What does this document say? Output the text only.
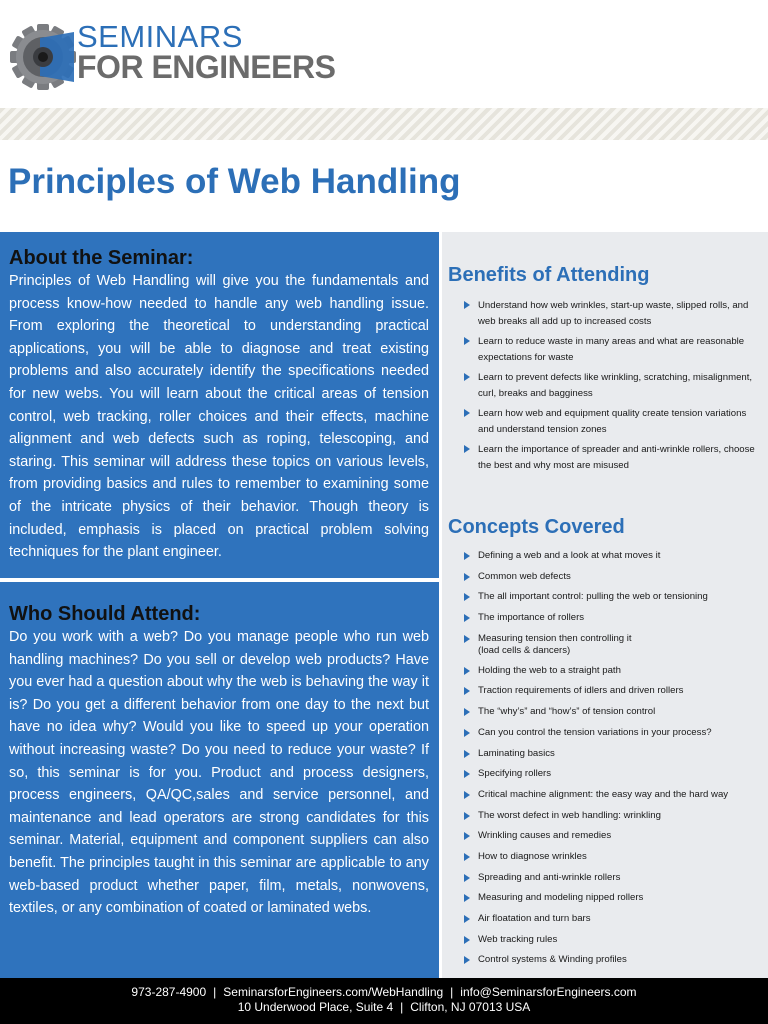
SEMINARS
FOR ENGINEERS
Principles of Web Handling
About the Seminar:

Principles of Web Handling will give you the fundamentals and process know-how needed to handle any web handling issue. From exploring the theoretical to understanding practical applications, you will be able to diagnose and treat existing problems and also accurately identify the specifications needed for new webs. You will learn about the critical areas of tension control, web tracking, roller choices and their effects, machine alignment and web defects such as roping, telescoping, and staring. This seminar will address these topics on various levels, from providing basics and rules to remember to examining some of the intricate physics of their behavior. Though theory is included, emphasis is placed on practical problem solving techniques for the plant engineer.

Who Should Attend:

Do you work with a web? Do you manage people who run web handling machines? Do you sell or develop web products? Have you ever had a question about why the web is behaving the way it is? Do you get a different behavior from one day to the next but have no idea why? Would you like to speed up your operation without increasing waste? Do you need to reduce your waste? If so, this seminar is for you. Product and process designers, process engineers, QA/QC,sales and service personnel, and maintenance and lead operators are strong candidates for this seminar. Material, equipment and component suppliers can also benefit. The principles taught in this seminar are applicable to any web-based product whether paper, film, metals, nonwovens, textiles, or any combination of coated or laminated webs.

Benefits of Attending
Understand how web wrinkles, start-up waste, slipped rolls, and web breaks all add up to increased costs
Learn to reduce waste in many areas and what are reasonable expectations for waste
Learn to prevent defects like wrinkling, scratching, misalignment, curl, breaks and bagginess
Learn how web and equipment quality create tension variations and understand tension zones
Learn the importance of spreader and anti-wrinkle rollers, choose the best and why most are misused
Concepts Covered
Defining a web and a look at what moves it
Common web defects
The all important control: pulling the web or tensioning
The importance of rollers
Measuring tension then controlling it
(load cells & dancers)
Holding the web to a straight path
Traction requirements of idlers and driven rollers
The “why’s” and “how’s” of tension control
Can you control the tension variations in your process?
Laminating basics
Specifying rollers
Critical machine alignment: the easy way and the hard way
The worst defect in web handling: wrinkling
Wrinkling causes and remedies
How to diagnose wrinkles
Spreading and anti-wrinkle rollers
Measuring and modeling nipped rollers
Air floatation and turn bars
Web tracking rules
Control systems & Winding profiles
973-287-4900 | SeminarsforEngineers.com/WebHandling | info@SeminarsforEngineers.com
10 Underwood Place, Suite 4 | Clifton, NJ 07013 USA
